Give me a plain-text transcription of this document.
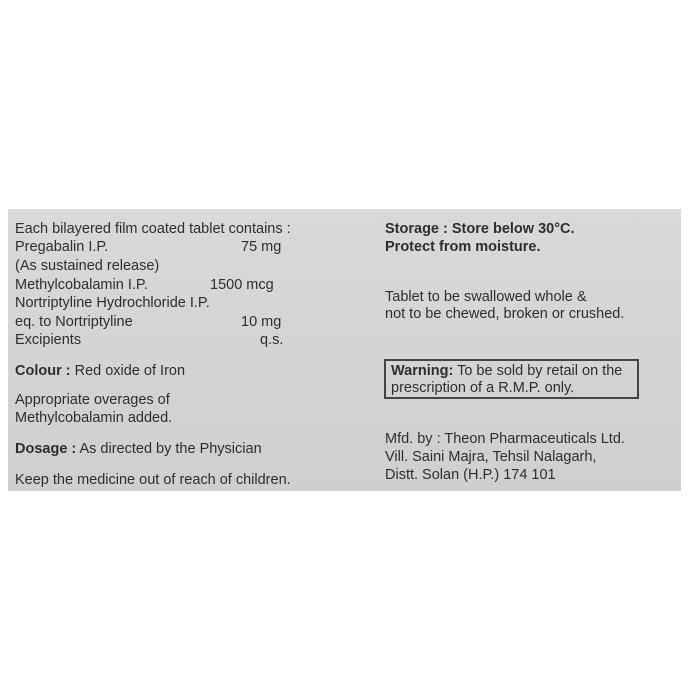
Each bilayered film coated tablet contains :
Pregabalin I.P.	75 mg
(As sustained release)
Methylcobalamin I.P.	1500 mcg
Nortriptyline Hydrochloride I.P.
eq. to Nortriptyline	10 mg
Excipients	q.s.
Colour : Red oxide of Iron
Appropriate overages of
Methylcobalamin added.
Dosage : As directed by the Physician
Keep the medicine out of reach of children.
Storage : Store below 30°C.
Protect from moisture.
Tablet to be swallowed whole &
not to be chewed, broken or crushed.
Mfd. by : Theon Pharmaceuticals Ltd.
Vill. Saini Majra, Tehsil Nalagarh,
Distt. Solan (H.P.) 174 101
Warning: To be sold by retail on the
prescription of a R.M.P. only.
